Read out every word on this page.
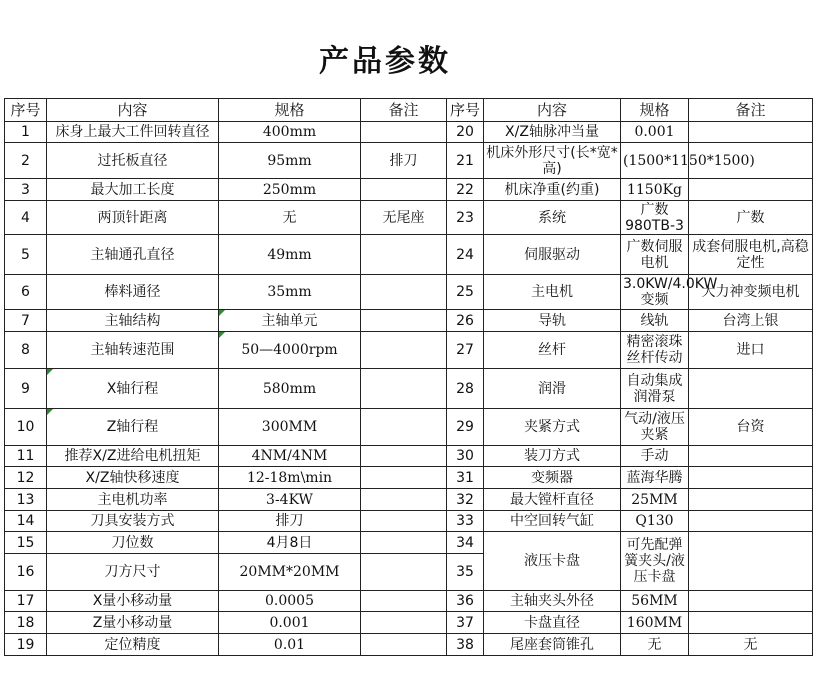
产品参数
序号	内容	规格	备注	序号	内容	规格	备注
1	床身上最大工件回转直径	400mm		20	X/Z轴脉冲当量	0.001	
2	过托板直径	95mm	排刀	21	机床外形尺寸(长*宽*高)	(1500*1150*1500)	
3	最大加工长度	250mm		22	机床净重(约重)	1150Kg	
4	两顶针距离	无	无尾座	23	系统	广数980TB-3	广数
5	主轴通孔直径	49mm		24	伺服驱动	广数伺服电机	成套伺服电机,高稳定性
6	棒料通径	35mm		25	主电机	3.0KW/4.0KW变频	大力神变频电机
7	主轴结构	主轴单元		26	导轨	线轨	台湾上银
8	主轴转速范围	50—4000rpm		27	丝杆	精密滚珠丝杆传动	进口
9	X轴行程	580mm		28	润滑	自动集成润滑泵	
10	Z轴行程	300MM		29	夹紧方式	气动/液压夹紧	台资
11	推荐X/Z进给电机扭矩	4NM/4NM		30	装刀方式	手动	
12	X/Z轴快移速度	12-18m\min		31	变频器	蓝海华腾	
13	主电机功率	3-4KW		32	最大镗杆直径	25MM	
14	刀具安装方式	排刀		33	中空回转气缸	Q130	
15	刀位数	4月8日		34	液压卡盘	可先配弹簧夹头/液压卡盘	
16	刀方尺寸	20MM*20MM		35			
17	X量小移动量	0.0005		36	主轴夹头外径	56MM	
18	Z量小移动量	0.001		37	卡盘直径	160MM	
19	定位精度	0.01		38	尾座套筒锥孔	无	无
